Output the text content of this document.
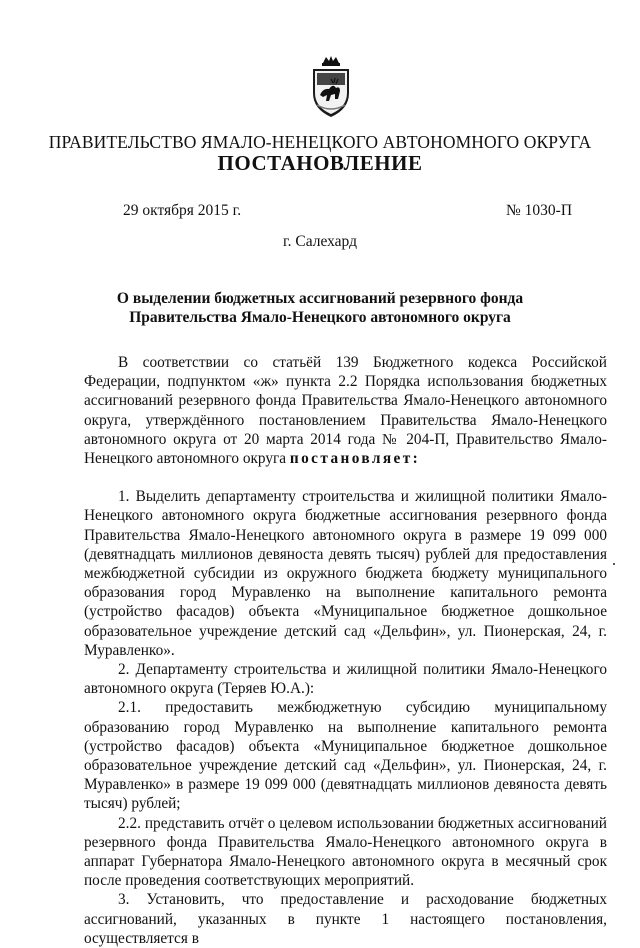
ПРАВИТЕЛЬСТВО ЯМАЛО-НЕНЕЦКОГО АВТОНОМНОГО ОКРУГА
ПОСТАНОВЛЕНИЕ
29 октября 2015 г.	№ 1030-П
г. Салехард
О выделении бюджетных ассигнований резервного фонда
Правительства Ямало-Ненецкого автономного округа

В соответствии со статьёй 139 Бюджетного кодекса Российской Федерации, подпунктом «ж» пункта 2.2 Порядка использования бюджетных ассигнований резервного фонда Правительства Ямало-Ненецкого автономного округа, утверждённого постановлением Правительства Ямало-Ненецкого автономного округа от 20 марта 2014 года № 204-П, Правительство Ямало-Ненецкого автономного округа постановляет:

1. Выделить департаменту строительства и жилищной политики Ямало-Ненецкого автономного округа бюджетные ассигнования резервного фонда Правительства Ямало-Ненецкого автономного округа в размере 19 099 000 (девятнадцать миллионов девяноста девять тысяч) рублей для предоставления межбюджетной субсидии из окружного бюджета бюджету муниципального образования город Муравленко на выполнение капитального ремонта (устройство фасадов) объекта «Муниципальное бюджетное дошкольное образовательное учреждение детский сад «Дельфин», ул. Пионерская, 24, г. Муравленко».

2. Департаменту строительства и жилищной политики Ямало-Ненецкого автономного округа (Теряев Ю.А.):

2.1. предоставить межбюджетную субсидию муниципальному образованию город Муравленко на выполнение капитального ремонта (устройство фасадов) объекта «Муниципальное бюджетное дошкольное образовательное учреждение детский сад «Дельфин», ул. Пионерская, 24, г. Муравленко» в размере 19 099 000 (девятнадцать миллионов девяноста девять тысяч) рублей;

2.2. представить отчёт о целевом использовании бюджетных ассигнований резервного фонда Правительства Ямало-Ненецкого автономного округа в аппарат Губернатора Ямало-Ненецкого автономного округа в месячный срок после проведения соответствующих мероприятий.

3. Установить, что предоставление и расходование бюджетных ассигнований, указанных в пункте 1 настоящего постановления, осуществляется в
